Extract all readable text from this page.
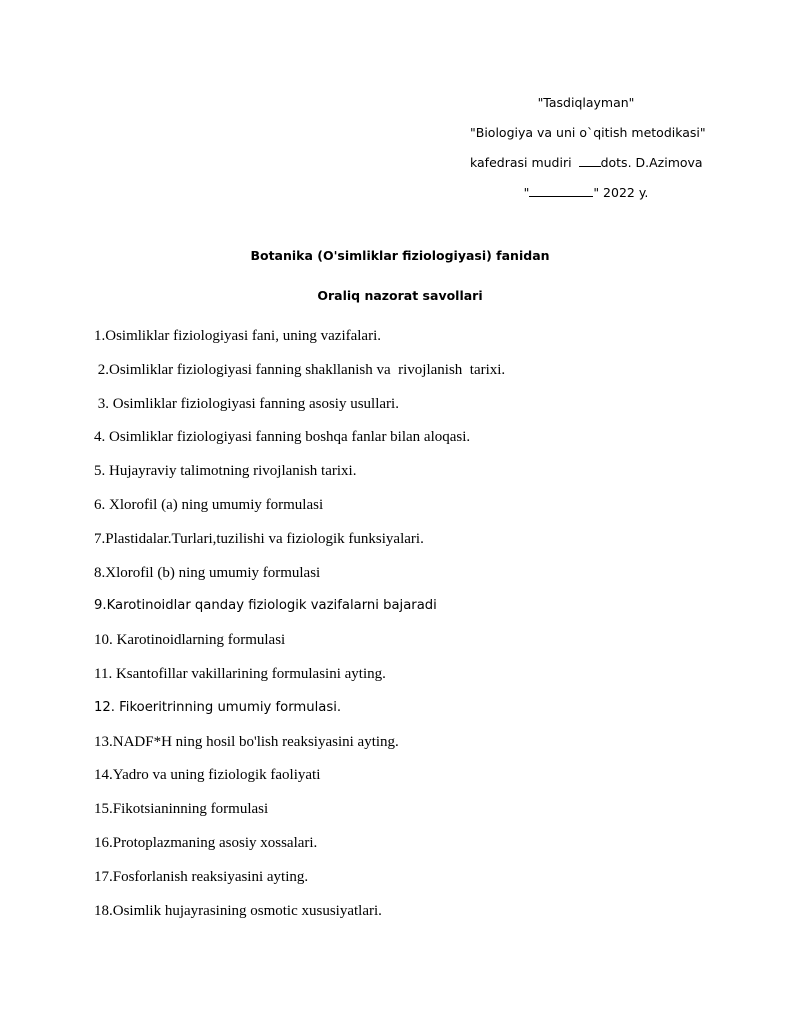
"Tasdiqlayman"
"Biologiya va uni o`qitish metodikasi"
kafedrasi mudiri dots. D.Azimova
"	" 2022 y.
Botanika (O'simliklar fiziologiyasi) fanidan
Oraliq nazorat savollari
1.Osimliklar fiziologiyasi fani, uning vazifalari.
2.Osimliklar fiziologiyasi fanning shakllanish va  rivojlanish  tarixi.
3. Osimliklar fiziologiyasi fanning asosiy usullari.
4. Osimliklar fiziologiyasi fanning boshqa fanlar bilan aloqasi.
5. Hujayraviy talimotning rivojlanish tarixi.
6. Xlorofil (a) ning umumiy formulasi
7.Plastidalar.Turlari,tuzilishi va fiziologik funksiyalari.
8.Xlorofil (b) ning umumiy formulasi
9.Karotinoidlar qanday fiziologik vazifalarni bajaradi
10. Karotinoidlarning formulasi
11. Ksantofillar vakillarining formulasini ayting.
12. Fikoeritrinning umumiy formulasi.
13.NADF*H ning hosil bo'lish reaksiyasini ayting.
14.Yadro va uning fiziologik faoliyati
15.Fikotsianinning formulasi
16.Protoplazmaning asosiy xossalari.
17.Fosforlanish reaksiyasini ayting.
18.Osimlik hujayrasining osmotic xususiyatlari.
